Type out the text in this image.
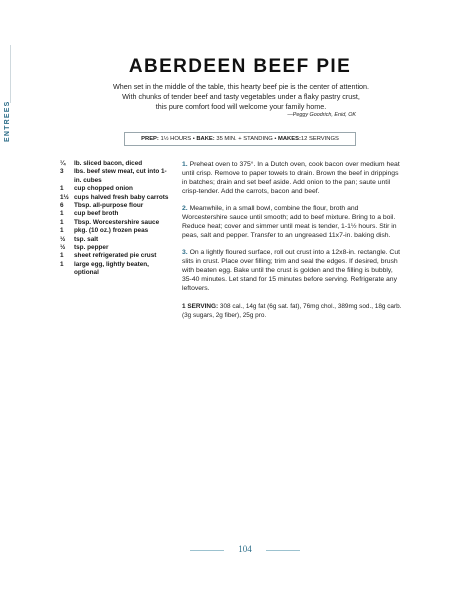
ENTREES
ABERDEEN BEEF PIE

When set in the middle of the table, this hearty beef pie is the center of attention.

With chunks of tender beef and tasty vegetables under a flaky pastry crust,

this pure comfort food will welcome your family home.

—Peggy Goodrich, Enid, OK
PREP: 1½ HOURS • BAKE: 35 MIN. + STANDING • MAKES:12 SERVINGS
¼	lb. sliced bacon, diced
3	lbs. beef stew meat, cut into 1-in. cubes
1	cup chopped onion
1½ cups halved fresh baby carrots
6	Tbsp. all-purpose flour
1	cup beef broth
1	Tbsp. Worcestershire sauce
1	pkg. (10 oz.) frozen peas
½	tsp. salt
½	tsp. pepper
1	sheet refrigerated pie crust
1	large egg, lightly beaten, optional

1. Preheat oven to 375°. In a Dutch oven, cook bacon over medium heat until crisp. Remove to paper towels to drain. Brown the beef in drippings in batches; drain and set beef aside. Add onion to the pan; saute until crisp-tender. Add the carrots, bacon and beef.

2. Meanwhile, in a small bowl, combine the flour, broth and Worcestershire sauce until smooth; add to beef mixture. Bring to a boil. Reduce heat; cover and simmer until meat is tender, 1-1½ hours. Stir in peas, salt and pepper. Transfer to an ungreased 11x7-in. baking dish.

3. On a lightly floured surface, roll out crust into a 12x8-in. rectangle. Cut slits in crust. Place over filling; trim and seal the edges. If desired, brush with beaten egg. Bake until the crust is golden and the filling is bubbly, 35-40 minutes. Let stand for 15 minutes before serving. Refrigerate any leftovers.

1 SERVING: 308 cal., 14g fat (6g sat. fat), 76mg chol., 389mg sod., 18g carb. (3g sugars, 2g fiber), 25g pro.

104
